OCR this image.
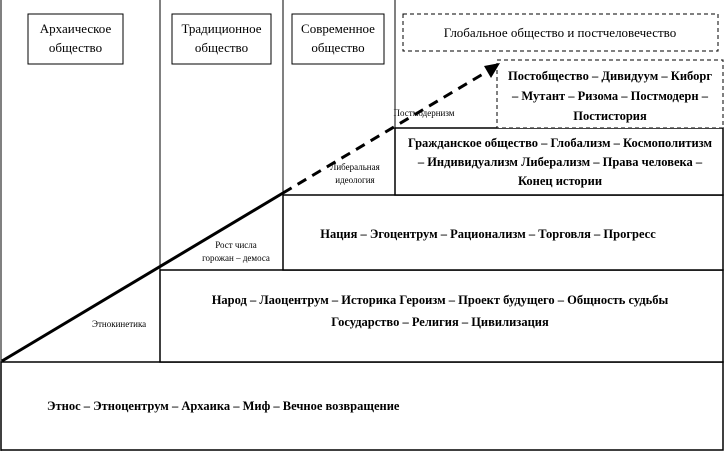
Архаическое
общество
Традиционное
общество
Современное
общество
Глобальное общество и постчеловечество
Этнос – Этноцентрум – Архаика – Миф – Вечное возвращение
Народ – Лаоцентрум – Историка Героизм – Проект будущего – Общность судьбы
Государство – Религия – Цивилизация
Нация – Эгоцентрум – Рационализм – Торговля – Прогресс
Гражданское общество – Глобализм – Космополитизм
– Индивидуализм Либерализм – Права человека –
Конец истории
Постобщество – Дивидуум – Киборг
– Мутант – Ризома – Постмодерн –
Постистория
Этнокинетика
Рост числа
горожан – демоса
Либеральная
идеология
Постмодернизм
